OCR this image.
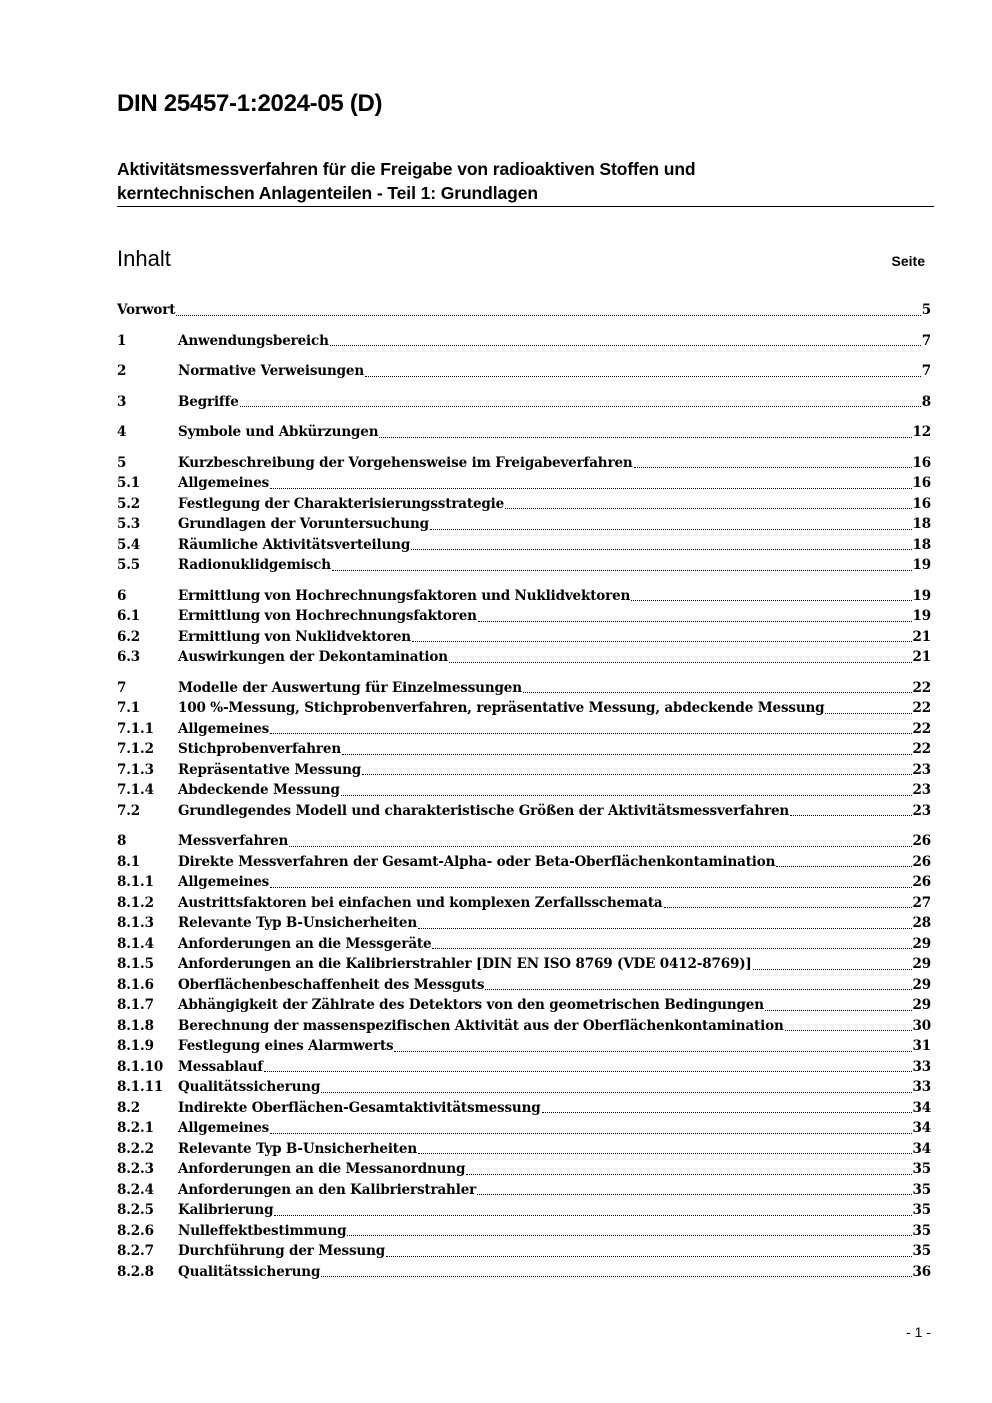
DIN 25457-1:2024-05 (D)
Aktivitätsmessverfahren für die Freigabe von radioaktiven Stoffen und
kerntechnischen Anlagenteilen - Teil 1: Grundlagen
Inhalt	Seite
Vorwort	5
1	Anwendungsbereich	7
2	Normative Verweisungen	7
3	Begriffe	8
4	Symbole und Abkürzungen	12
5	Kurzbeschreibung der Vorgehensweise im Freigabeverfahren	16
5.1	Allgemeines	16
5.2	Festlegung der Charakterisierungsstrategie	16
5.3	Grundlagen der Voruntersuchung	18
5.4	Räumliche Aktivitätsverteilung	18
5.5	Radionuklidgemisch	19
6	Ermittlung von Hochrechnungsfaktoren und Nuklidvektoren	19
6.1	Ermittlung von Hochrechnungsfaktoren	19
6.2	Ermittlung von Nuklidvektoren	21
6.3	Auswirkungen der Dekontamination	21
7	Modelle der Auswertung für Einzelmessungen	22
7.1	100 %-Messung, Stichprobenverfahren, repräsentative Messung, abdeckende Messung	22
7.1.1 Allgemeines	22
7.1.2 Stichprobenverfahren	22
7.1.3 Repräsentative Messung	23
7.1.4 Abdeckende Messung	23
7.2	Grundlegendes Modell und charakteristische Größen der Aktivitätsmessverfahren	23
8	Messverfahren	26
8.1	Direkte Messverfahren der Gesamt-Alpha- oder Beta-Oberflächenkontamination	26
8.1.1 Allgemeines	26
8.1.2 Austrittsfaktoren bei einfachen und komplexen Zerfallsschemata	27
8.1.3 Relevante Typ B-Unsicherheiten	28
8.1.4 Anforderungen an die Messgeräte	29
8.1.5 Anforderungen an die Kalibrierstrahler [DIN EN ISO 8769 (VDE 0412-8769)]	29
8.1.6 Oberflächenbeschaffenheit des Messguts	29
8.1.7 Abhängigkeit der Zählrate des Detektors von den geometrischen Bedingungen	29
8.1.8 Berechnung der massenspezifischen Aktivität aus der Oberflächenkontamination	30
8.1.9 Festlegung eines Alarmwerts	31
8.1.10 Messablauf	33
8.1.11 Qualitätssicherung	33
8.2	Indirekte Oberflächen-Gesamtaktivitätsmessung	34
8.2.1 Allgemeines	34
8.2.2 Relevante Typ B-Unsicherheiten	34
8.2.3 Anforderungen an die Messanordnung	35
8.2.4 Anforderungen an den Kalibrierstrahler	35
8.2.5 Kalibrierung	35
8.2.6 Nulleffektbestimmung	35
8.2.7 Durchführung der Messung	35
8.2.8 Qualitätssicherung	36
- 1 -
